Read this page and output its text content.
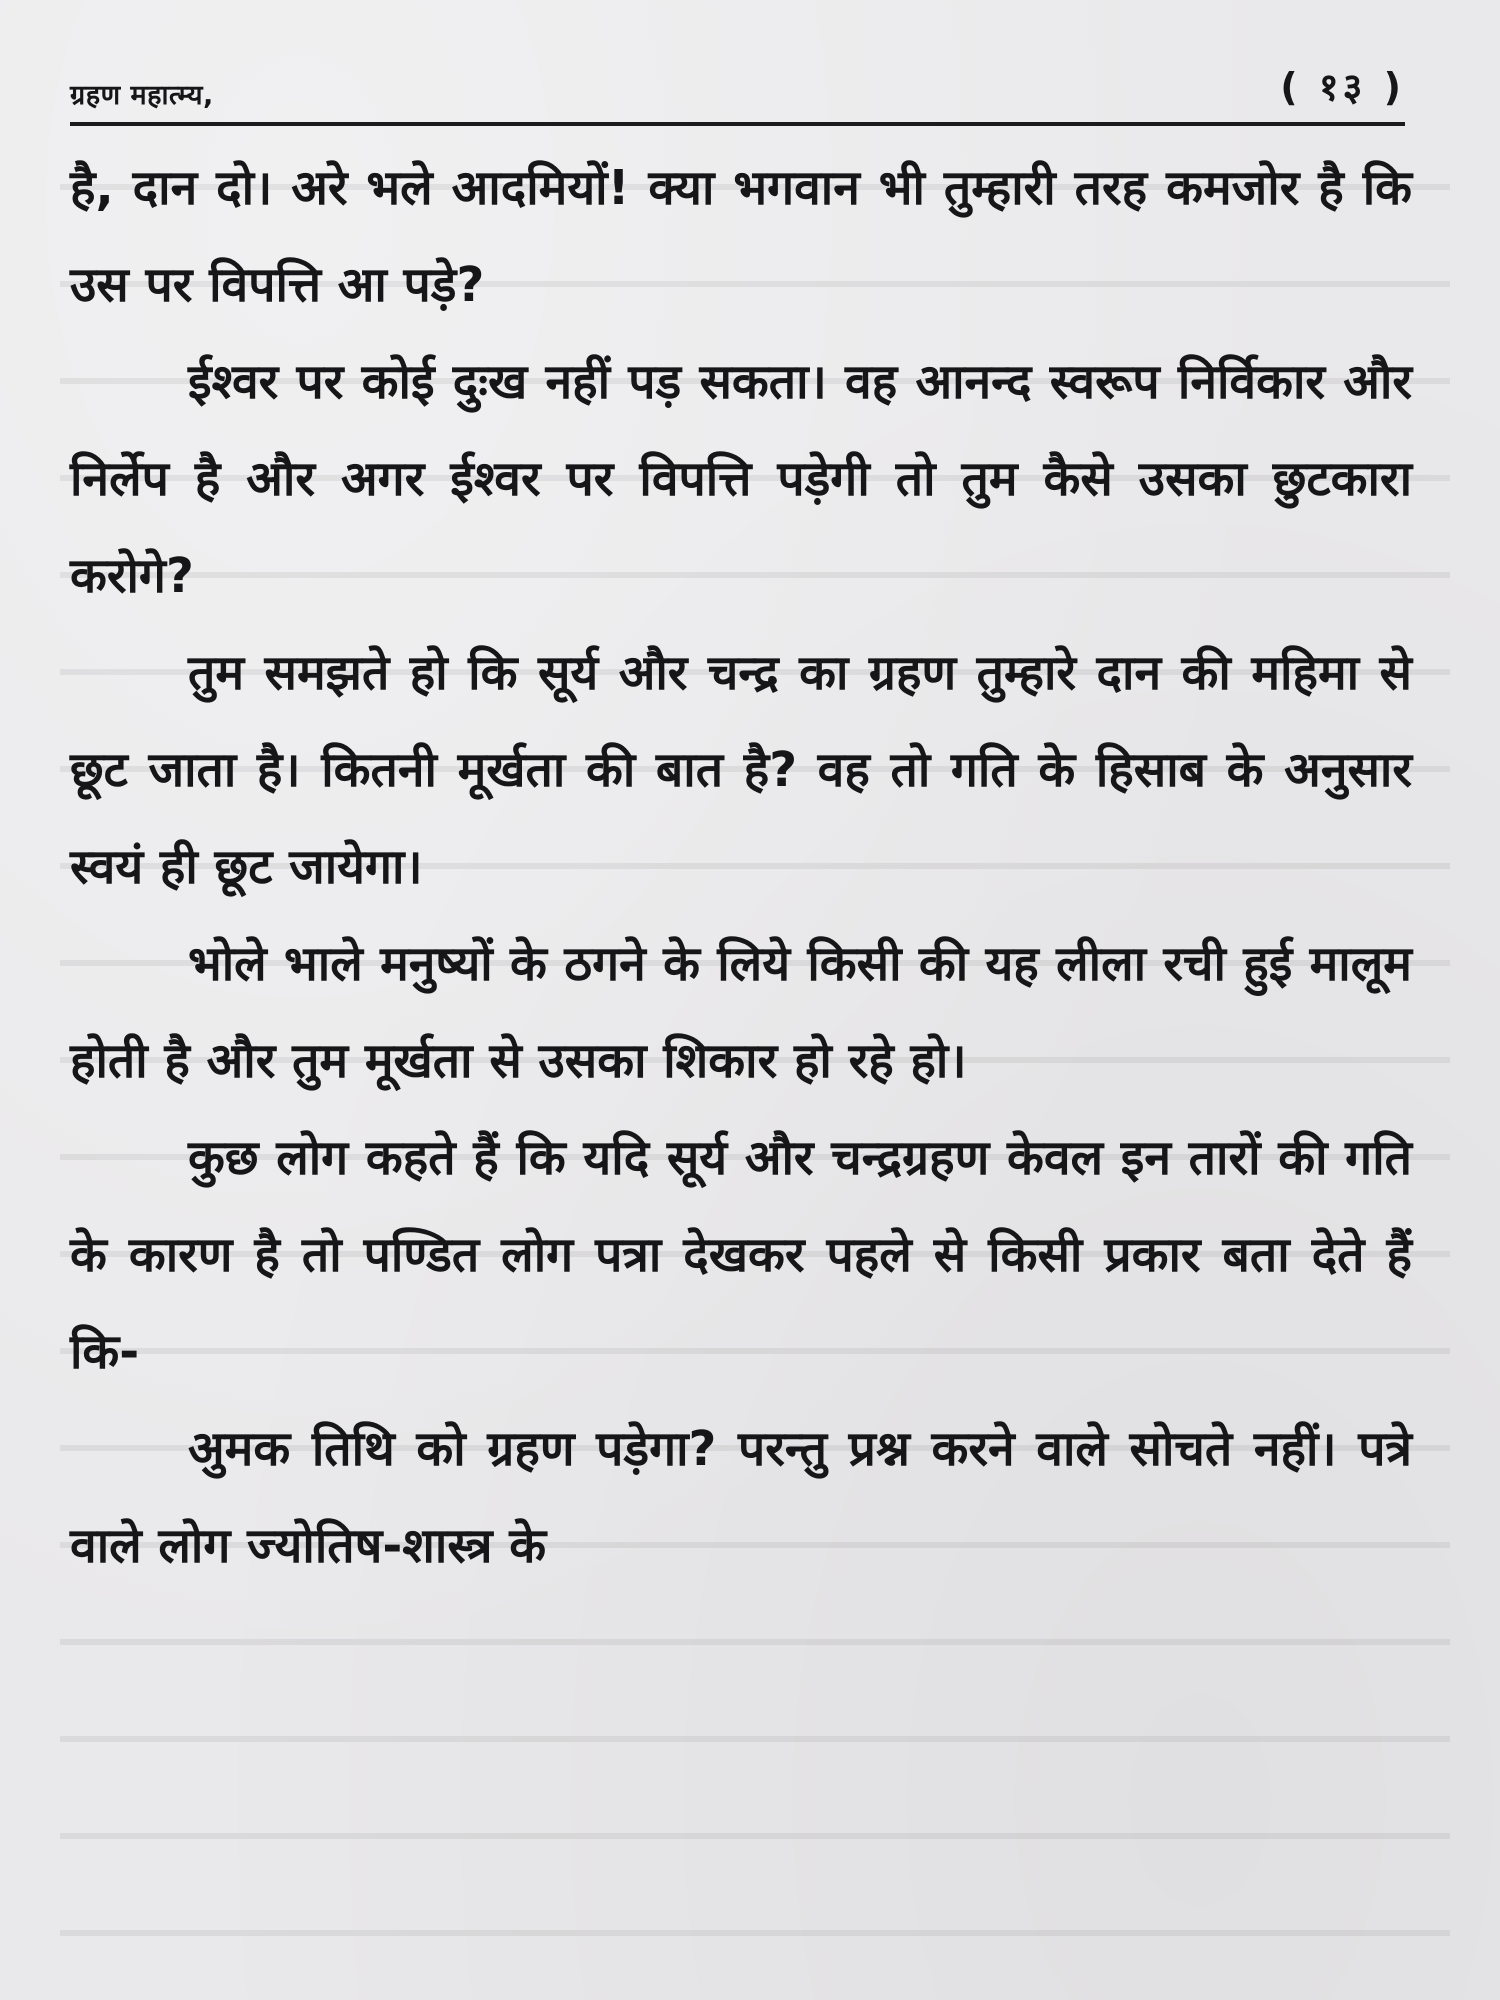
ग्रहण महात्म्य,	( १३ )

है, दान दो। अरे भले आदमियों! क्या भगवान भी तुम्हारी तरह कमजोर है कि उस पर विपत्ति आ पड़े?

ईश्वर पर कोई दुःख नहीं पड़ सकता। वह आनन्द स्वरूप निर्विकार और निर्लेप है और अगर ईश्वर पर विपत्ति पड़ेगी तो तुम कैसे उसका छुटकारा करोगे?

तुम समझते हो कि सूर्य और चन्द्र का ग्रहण तुम्हारे दान की महिमा से छूट जाता है। कितनी मूर्खता की बात है? वह तो गति के हिसाब के अनुसार स्वयं ही छूट जायेगा।

भोले भाले मनुष्यों के ठगने के लिये किसी की यह लीला रची हुई मालूम होती है और तुम मूर्खता से उसका शिकार हो रहे हो।

कुछ लोग कहते हैं कि यदि सूर्य और चन्द्रग्रहण केवल इन तारों की गति के कारण है तो पण्डित लोग पत्रा देखकर पहले से किसी प्रकार बता देते हैं कि-

अुमक तिथि को ग्रहण पड़ेगा? परन्तु प्रश्न करने वाले सोचते नहीं। पत्रे वाले लोग ज्योतिष-शास्त्र के
